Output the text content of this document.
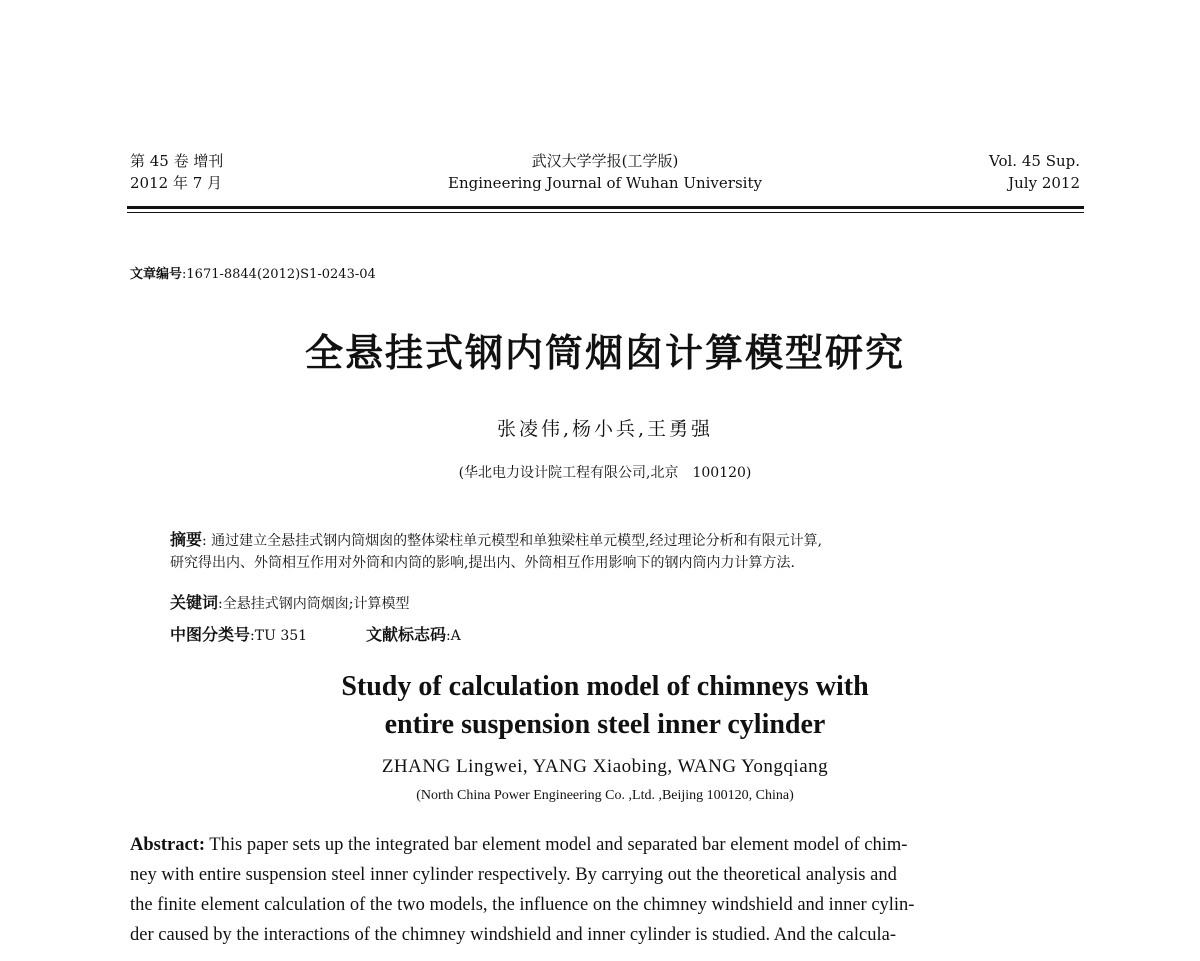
第 45 卷 增刊
2012 年 7 月
武汉大学学报(工学版)
Engineering Journal of Wuhan University
Vol. 45 Sup.
July 2012
文章编号:1671-8844(2012)S1-0243-04
全悬挂式钢内筒烟囱计算模型研究
张凌伟,杨小兵,王勇强
(华北电力设计院工程有限公司,北京　100120)
摘要: 通过建立全悬挂式钢内筒烟囱的整体梁柱单元模型和单独梁柱单元模型,经过理论分析和有限元计算,
研究得出内、外筒相互作用对外筒和内筒的影响,提出内、外筒相互作用影响下的钢内筒内力计算方法.
关键词:全悬挂式钢内筒烟囱;计算模型
中图分类号:TU 351	文献标志码:A
Study of calculation model of chimneys with
entire suspension steel inner cylinder
ZHANG Lingwei, YANG Xiaobing, WANG Yongqiang
(North China Power Engineering Co. ,Ltd. ,Beijing 100120, China)
Abstract: This paper sets up the integrated bar element model and separated bar element model of chim-
ney with entire suspension steel inner cylinder respectively. By carrying out the theoretical analysis and
the finite element calculation of the two models, the influence on the chimney windshield and inner cylin-
der caused by the interactions of the chimney windshield and inner cylinder is studied. And the calcula-
